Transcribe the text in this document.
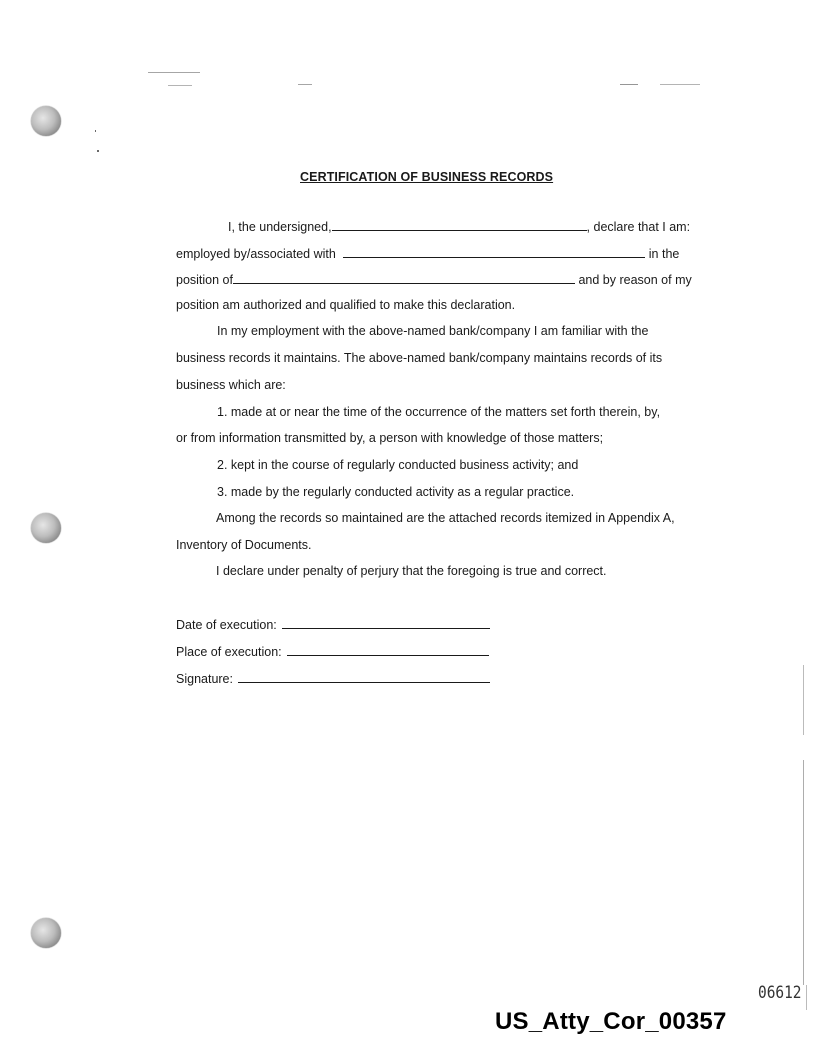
CERTIFICATION OF BUSINESS RECORDS
I, the undersigned,	, declare that I am:
employed by/associated with	in the
position of	and by reason of my
position am authorized and qualified to make this declaration.
In my employment with the above-named bank/company I am familiar with the
business records it maintains. The above-named bank/company maintains records of its
business which are:
1. made at or near the time of the occurrence of the matters set forth therein, by,
or from information transmitted by, a person with knowledge of those matters;
2. kept in the course of regularly conducted business activity; and
3. made by the regularly conducted activity as a regular practice.
Among the records so maintained are the attached records itemized in Appendix A,
Inventory of Documents.
I declare under penalty of perjury that the foregoing is true and correct.
Date of execution:
Place of execution:
Signature:
06612
US_Atty_Cor_00357
